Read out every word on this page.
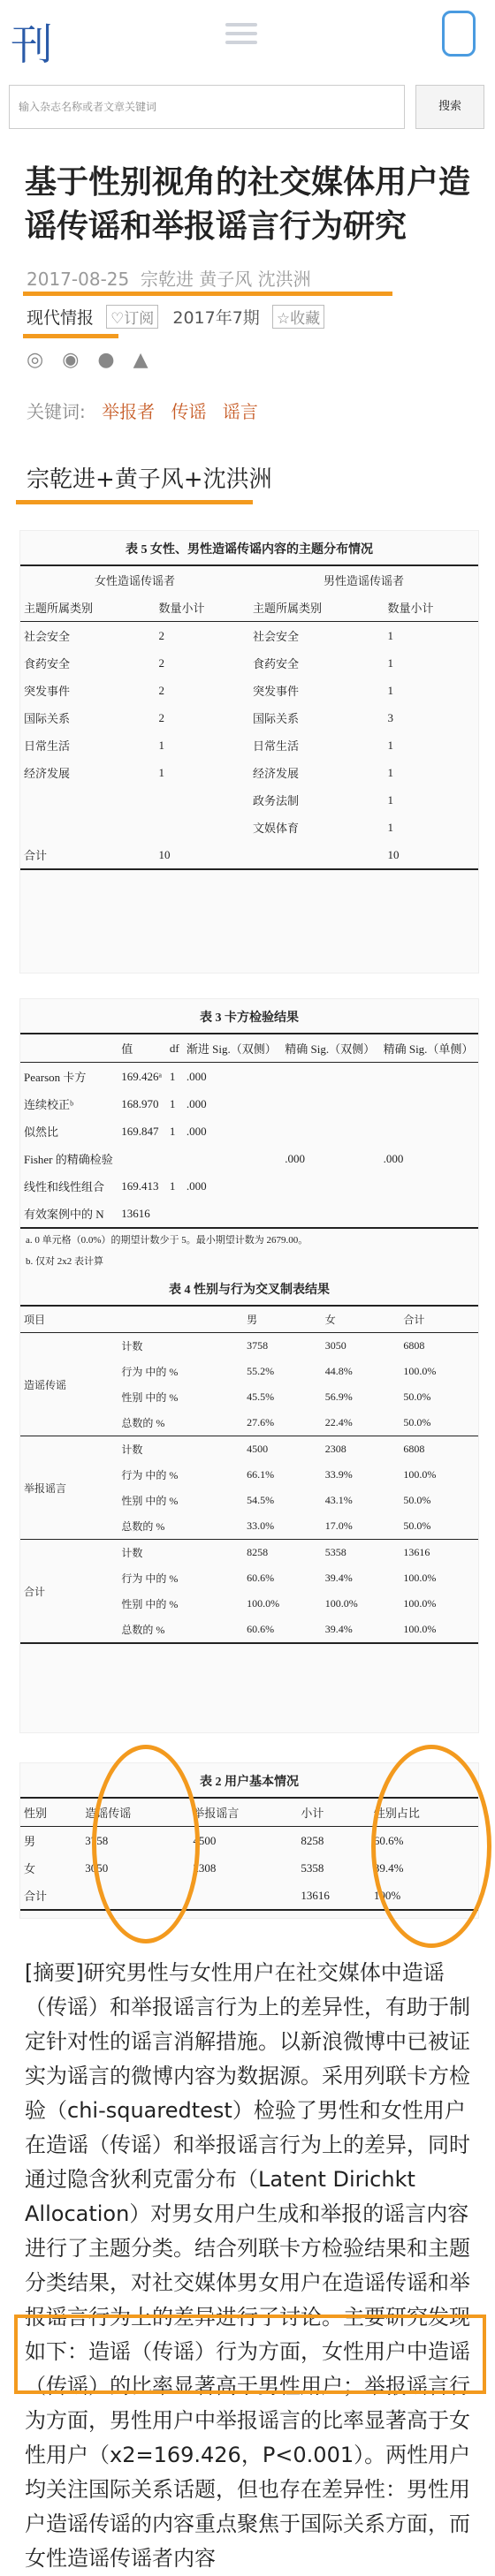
刊
输入杂志名称或者文章关键词	搜索
基于性别视角的社交媒体用户造谣传谣和举报谣言行为研究
2017-08-25 宗乾进 黄子风 沈洪洲
现代情报 ♡订阅 2017年7期 ☆收藏
◎ ◉ ● ▲
关键词: 举报者 传谣 谣言
宗乾进+黄子风+沈洪洲
表 5 女性、男性造谣传谣内容的主题分布情况
女性造谣传谣者		男性造谣传谣者	
主题所属类别	数量小计	主题所属类别	数量小计
社会安全	2	社会安全	1
食药安全	2	食药安全	1
突发事件	2	突发事件	1
国际关系	2	国际关系	3
日常生活	1	日常生活	1
经济发展	1	经济发展	1
		政务法制	1
		文娱体育	1
合计	10		10
表 3 卡方检验结果
	值	df	渐进 Sig.（双侧）	精确 Sig.（双侧）	精确 Sig.（单侧）
Pearson 卡方	169.426ᵃ	1	.000		
连续校正ᵇ	168.970	1	.000		
似然比	169.847	1	.000		
Fisher 的精确检验				.000	.000
线性和线性组合	169.413	1	.000		
有效案例中的 N	13616				
a. 0 单元格（0.0%）的期望计数少于 5。最小期望计数为 2679.00。
b. 仅对 2x2 表计算
表 4 性别与行为交叉制表结果
项目		男	女	合计
造谣传谣	计数	3758	3050	6808
	行为 中的 %	55.2%	44.8%	100.0%
	性别 中的 %	45.5%	56.9%	50.0%
	总数的 %	27.6%	22.4%	50.0%
举报谣言	计数	4500	2308	6808
	行为 中的 %	66.1%	33.9%	100.0%
	性别 中的 %	54.5%	43.1%	50.0%
	总数的 %	33.0%	17.0%	50.0%
合计	计数	8258	5358	13616
	行为 中的 %	60.6%	39.4%	100.0%
	性别 中的 %	100.0%	100.0%	100.0%
	总数的 %	60.6%	39.4%	100.0%
表 2 用户基本情况
性别	造谣传谣	举报谣言	小计	性别占比
男	3758	4500	8258	60.6%
女	3050	2308	5358	39.4%
合计			13616	100%
[摘要]研究男性与女性用户在社交媒体中造谣（传谣）和举报谣言行为上的差异性，有助于制定针对性的谣言消解措施。以新浪微博中已被证实为谣言的微博内容为数据源。采用列联卡方检验（chi-squaredtest）检验了男性和女性用户在造谣（传谣）和举报谣言行为上的差异，同时通过隐含狄利克雷分布（Latent Dirichkt Allocation）对男女用户生成和举报的谣言内容进行了主题分类。结合列联卡方检验结果和主题分类结果，对社交媒体男女用户在造谣传谣和举报谣言行为上的差异进行了讨论。主要研究发现如下：造谣（传谣）行为方面，女性用户中造谣（传谣）的比率显著高于男性用户；举报谣言行为方面，男性用户中举报谣言的比率显著高于女性用户（x2=169.426，P<0.001）。两性用户均关注国际关系话题，但也存在差异性：男性用户造谣传谣的内容重点聚焦于国际关系方面，而女性造谣传谣者内容
